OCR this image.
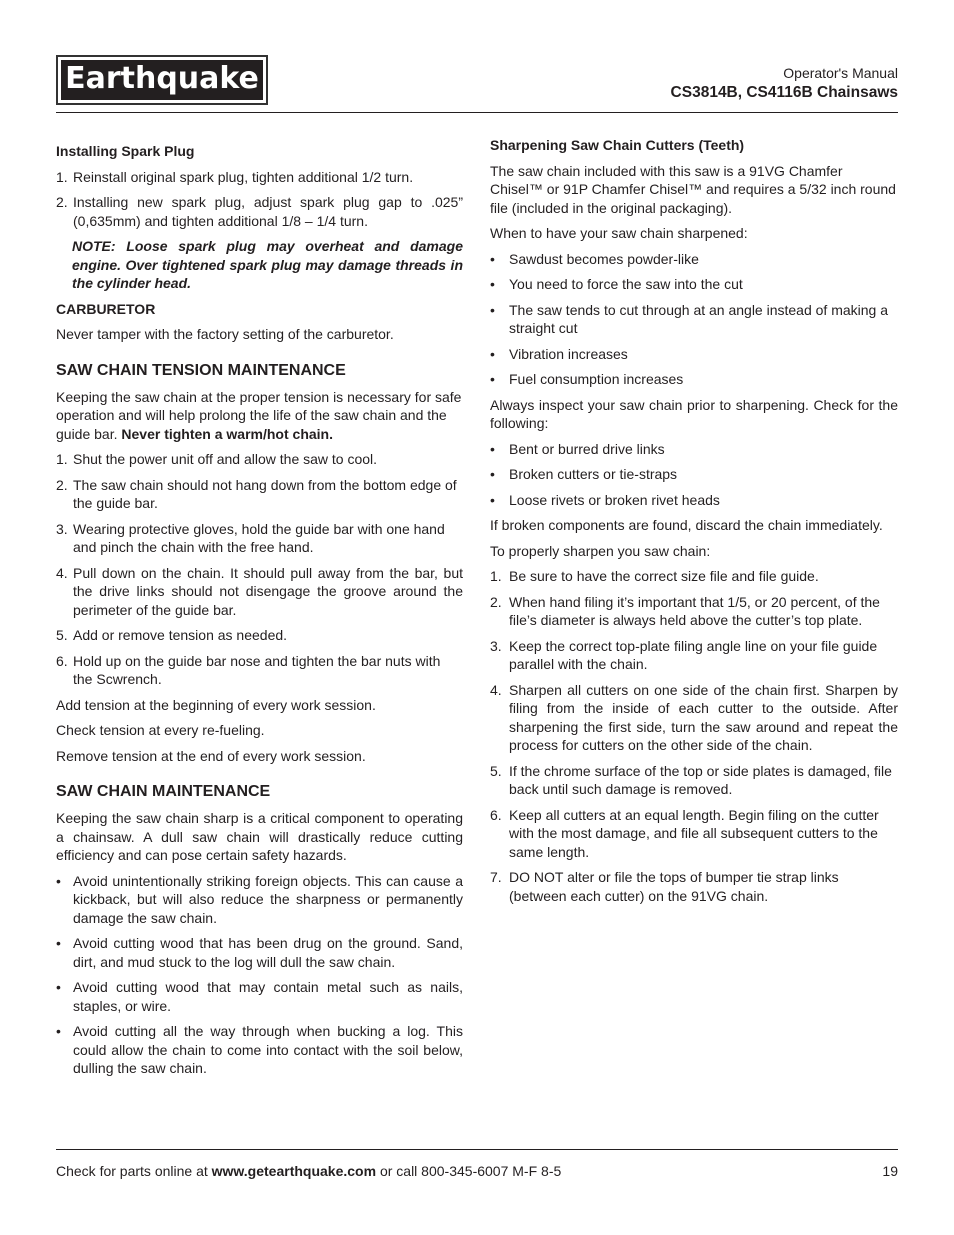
Earthquake	Operator's Manual
CS3814B, CS4116B Chainsaws
Installing Spark Plug
1. Reinstall original spark plug, tighten additional 1/2 turn.
2. Installing new spark plug, adjust spark plug gap to .025” (0,635mm) and tighten additional 1/8 – 1/4 turn.

NOTE: Loose spark plug may overheat and damage engine. Over tightened spark plug may damage threads in the cylinder head.

CARBURETOR

Never tamper with the factory setting of the carburetor.

SAW CHAIN TENSION MAINTENANCE

Keeping the saw chain at the proper tension is necessary for safe operation and will help prolong the life of the saw chain and the guide bar. Never tighten a warm/hot chain.

1. Shut the power unit off and allow the saw to cool.
2. The saw chain should not hang down from the bottom edge of the guide bar.
3. Wearing protective gloves, hold the guide bar with one hand and pinch the chain with the free hand.
4. Pull down on the chain. It should pull away from the bar, but the drive links should not disengage the groove around the perimeter of the guide bar.
5. Add or remove tension as needed.
6. Hold up on the guide bar nose and tighten the bar nuts with the Scwrench.

Add tension at the beginning of every work session.

Check tension at every re-fueling.

Remove tension at the end of every work session.

SAW CHAIN MAINTENANCE

Keeping the saw chain sharp is a critical component to operating a chainsaw. A dull saw chain will drastically reduce cutting efficiency and can pose certain safety hazards.

• Avoid unintentionally striking foreign objects. This can cause a kickback, but will also reduce the sharpness or permanently damage the saw chain.
• Avoid cutting wood that has been drug on the ground. Sand, dirt, and mud stuck to the log will dull the saw chain.
• Avoid cutting wood that may contain metal such as nails, staples, or wire.
• Avoid cutting all the way through when bucking a log. This could allow the chain to come into contact with the soil below, dulling the saw chain.
Sharpening Saw Chain Cutters (Teeth)

The saw chain included with this saw is a 91VG Chamfer Chisel™ or 91P Chamfer Chisel™ and requires a 5/32 inch round file (included in the original packaging).

When to have your saw chain sharpened:

• Sawdust becomes powder-like
• You need to force the saw into the cut
• The saw tends to cut through at an angle instead of making a straight cut
• Vibration increases
• Fuel consumption increases

Always inspect your saw chain prior to sharpening. Check for the following:

• Bent or burred drive links
• Broken cutters or tie-straps
• Loose rivets or broken rivet heads

If broken components are found, discard the chain immediately.

To properly sharpen you saw chain:

1. Be sure to have the correct size file and file guide.
2. When hand filing it’s important that 1/5, or 20 percent, of the file’s diameter is always held above the cutter’s top plate.
3. Keep the correct top-plate filing angle line on your file guide parallel with the chain.
4. Sharpen all cutters on one side of the chain first. Sharpen by filing from the inside of each cutter to the outside. After sharpening the first side, turn the saw around and repeat the process for cutters on the other side of the chain.
5. If the chrome surface of the top or side plates is damaged, file back until such damage is removed.
6. Keep all cutters at an equal length. Begin filing on the cutter with the most damage, and file all subsequent cutters to the same length.
7. DO NOT alter or file the tops of bumper tie strap links (between each cutter) on the 91VG chain.
Check for parts online at www.getearthquake.com or call 800-345-6007 M-F 8-5	19
